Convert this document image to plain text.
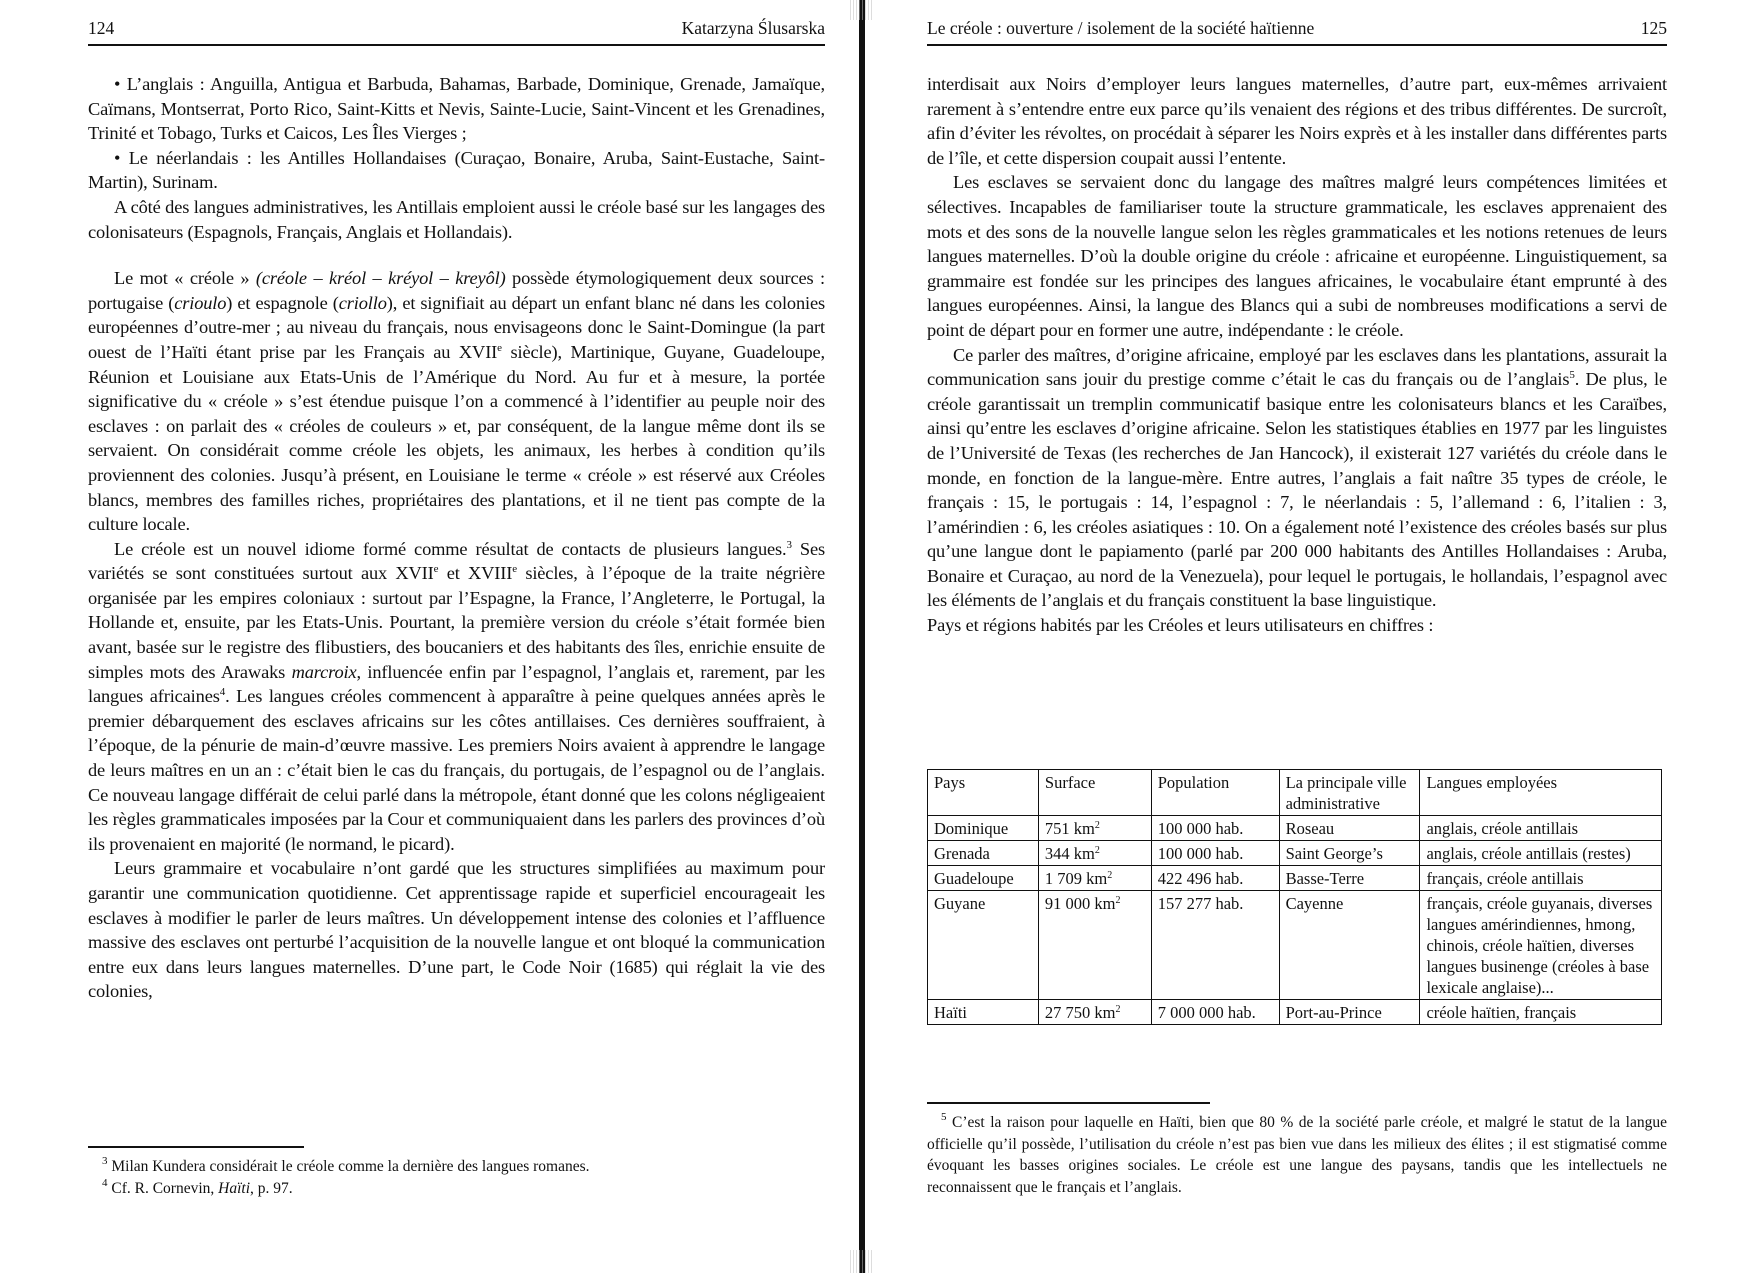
124	Katarzyna Ślusarska

• L’anglais : Anguilla, Antigua et Barbuda, Bahamas, Barbade, Dominique, Grenade, Jamaïque, Caïmans, Montserrat, Porto Rico, Saint-Kitts et Nevis, Sainte-Lucie, Saint-Vincent et les Grenadines, Trinité et Tobago, Turks et Caicos, Les Îles Vierges ;

• Le néerlandais : les Antilles Hollandaises (Curaçao, Bonaire, Aruba, Saint-Eustache, Saint-Martin), Surinam.

A côté des langues administratives, les Antillais emploient aussi le créole basé sur les langages des colonisateurs (Espagnols, Français, Anglais et Hollandais).

Le mot « créole » (créole – kréol – kréyol – kreyôl) possède étymologiquement deux sources : portugaise (crioulo) et espagnole (criollo), et signifiait au départ un enfant blanc né dans les colonies européennes d’outre-mer ; au niveau du français, nous envisageons donc le Saint-Domingue (la part ouest de l’Haïti étant prise par les Français au XVIIe siècle), Martinique, Guyane, Guadeloupe, Réunion et Louisiane aux Etats-Unis de l’Amérique du Nord. Au fur et à mesure, la portée significative du « créole » s’est étendue puisque l’on a commencé à l’identifier au peuple noir des esclaves : on parlait des « créoles de couleurs » et, par conséquent, de la langue même dont ils se servaient. On considérait comme créole les objets, les animaux, les herbes à condition qu’ils proviennent des colonies. Jusqu’à présent, en Louisiane le terme « créole » est réservé aux Créoles blancs, membres des familles riches, propriétaires des plantations, et il ne tient pas compte de la culture locale.

Le créole est un nouvel idiome formé comme résultat de contacts de plusieurs langues.$^3$ Ses variétés se sont constituées surtout aux XVIIe et XVIIIe siècles, à l’époque de la traite négrière organisée par les empires coloniaux : surtout par l’Espagne, la France, l’Angleterre, le Portugal, la Hollande et, ensuite, par les Etats-Unis. Pourtant, la première version du créole s’était formée bien avant, basée sur le registre des flibustiers, des boucaniers et des habitants des îles, enrichie ensuite de simples mots des Arawaks marcroix, influencée enfin par l’espagnol, l’anglais et, rarement, par les langues africaines$^4$. Les langues créoles commencent à apparaître à peine quelques années après le premier débarquement des esclaves africains sur les côtes antillaises. Ces dernières souffraient, à l’époque, de la pénurie de main-d’œuvre massive. Les premiers Noirs avaient à apprendre le langage de leurs maîtres en un an : c’était bien le cas du français, du portugais, de l’espagnol ou de l’anglais. Ce nouveau langage différait de celui parlé dans la métropole, étant donné que les colons négligeaient les règles grammaticales imposées par la Cour et communiquaient dans les parlers des provinces d’où ils provenaient en majorité (le normand, le picard).

Leurs grammaire et vocabulaire n’ont gardé que les structures simplifiées au maximum pour garantir une communication quotidienne. Cet apprentissage rapide et superficiel encourageait les esclaves à modifier le parler de leurs maîtres. Un développement intense des colonies et l’affluence massive des esclaves ont perturbé l’acquisition de la nouvelle langue et ont bloqué la communication entre eux dans leurs langues maternelles. D’une part, le Code Noir (1685) qui réglait la vie des colonies,

$^3$ Milan Kundera considérait le créole comme la dernière des langues romanes.

$^4$ Cf. R. Cornevin, Haïti, p. 97.

Le créole : ouverture / isolement de la société haïtienne	125

interdisait aux Noirs d’employer leurs langues maternelles, d’autre part, eux-mêmes arrivaient rarement à s’entendre entre eux parce qu’ils venaient des régions et des tribus différentes. De surcroît, afin d’éviter les révoltes, on procédait à séparer les Noirs exprès et à les installer dans différentes parts de l’île, et cette dispersion coupait aussi l’entente.

Les esclaves se servaient donc du langage des maîtres malgré leurs compétences limitées et sélectives. Incapables de familiariser toute la structure grammaticale, les esclaves apprenaient des mots et des sons de la nouvelle langue selon les règles grammaticales et les notions retenues de leurs langues maternelles. D’où la double origine du créole : africaine et européenne. Linguistiquement, sa grammaire est fondée sur les principes des langues africaines, le vocabulaire étant emprunté à des langues européennes. Ainsi, la langue des Blancs qui a subi de nombreuses modifications a servi de point de départ pour en former une autre, indépendante : le créole.

Ce parler des maîtres, d’origine africaine, employé par les esclaves dans les plantations, assurait la communication sans jouir du prestige comme c’était le cas du français ou de l’anglais$^5$. De plus, le créole garantissait un tremplin communicatif basique entre les colonisateurs blancs et les Caraïbes, ainsi qu’entre les esclaves d’origine africaine. Selon les statistiques établies en 1977 par les linguistes de l’Université de Texas (les recherches de Jan Hancock), il existerait 127 variétés du créole dans le monde, en fonction de la langue-mère. Entre autres, l’anglais a fait naître 35 types de créole, le français : 15, le portugais : 14, l’espagnol : 7, le néerlandais : 5, l’allemand : 6, l’italien : 3, l’amérindien : 6, les créoles asiatiques : 10. On a également noté l’existence des créoles basés sur plus qu’une langue dont le papiamento (parlé par 200 000 habitants des Antilles Hollandaises : Aruba, Bonaire et Curaçao, au nord de la Venezuela), pour lequel le portugais, le hollandais, l’espagnol avec les éléments de l’anglais et du français constituent la base linguistique.

Pays et régions habités par les Créoles et leurs utilisateurs en chiffres :

Pays	Surface	Population	La principale ville administrative	Langues employées
Dominique	751 $km^2$	100 000 hab.	Roseau	anglais, créole antillais
Grenada	344 $km^2$	100 000 hab.	Saint George’s	anglais, créole antillais (restes)
Guadeloupe	1 709 $km^2$	422 496 hab.	Basse-Terre	français, créole antillais
Guyane	91 000 $km^2$	157 277 hab.	Cayenne	français, créole guyanais, diverses langues amérindiennes, hmong, chinois, créole haïtien, diverses langues businenge (créoles à base lexicale anglaise)...
Haïti	27 750 $km^2$	7 000 000 hab.	Port-au-Prince	créole haïtien, français

$^5$ C’est la raison pour laquelle en Haïti, bien que 80 % de la société parle créole, et malgré le statut de la langue officielle qu’il possède, l’utilisation du créole n’est pas bien vue dans les milieux des élites ; il est stigmatisé comme évoquant les basses origines sociales. Le créole est une langue des paysans, tandis que les intellectuels ne reconnaissent que le français et l’anglais.
